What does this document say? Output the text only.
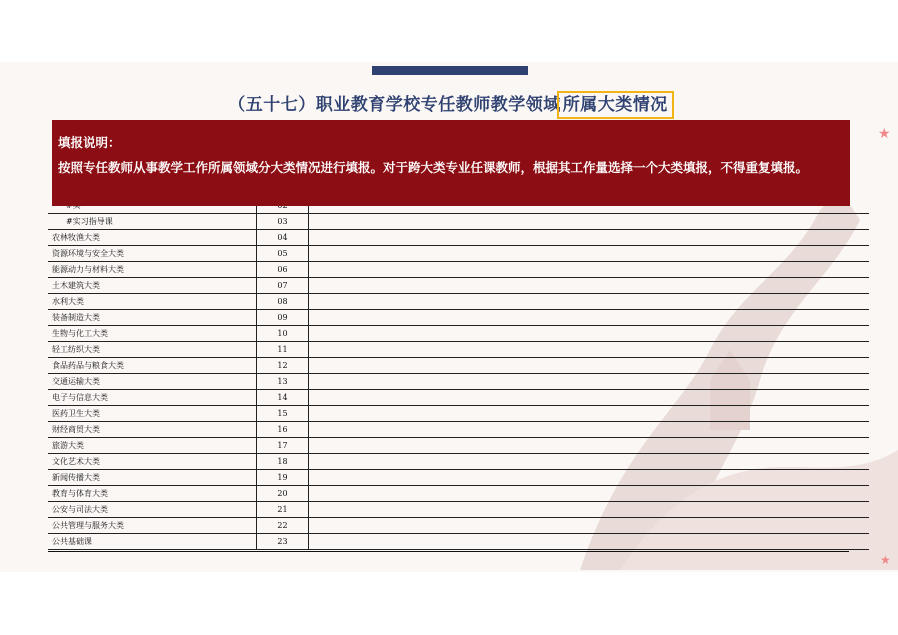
★
★
（五十七）职业教育学校专任教师教学领域 所属大类情况

#实习指导课	03	
农林牧渔大类	04	
资源环境与安全大类	05	
能源动力与材料大类	06	
土木建筑大类	07	
水利大类	08	
装备制造大类	09	
生物与化工大类	10	
轻工纺织大类	11	
食品药品与粮食大类	12	
交通运输大类	13	
电子与信息大类	14	
医药卫生大类	15	
财经商贸大类	16	
旅游大类	17	
文化艺术大类	18	
新闻传播大类	19	
教育与体育大类	20	
公安与司法大类	21	
公共管理与服务大类	22	
公共基础课	23	

填报说明：

按照专任教师从事教学工作所属领域分大类情况进行填报。对于跨大类专业任课教师，根据其工作量选择一个大类填报，不得重复填报。
